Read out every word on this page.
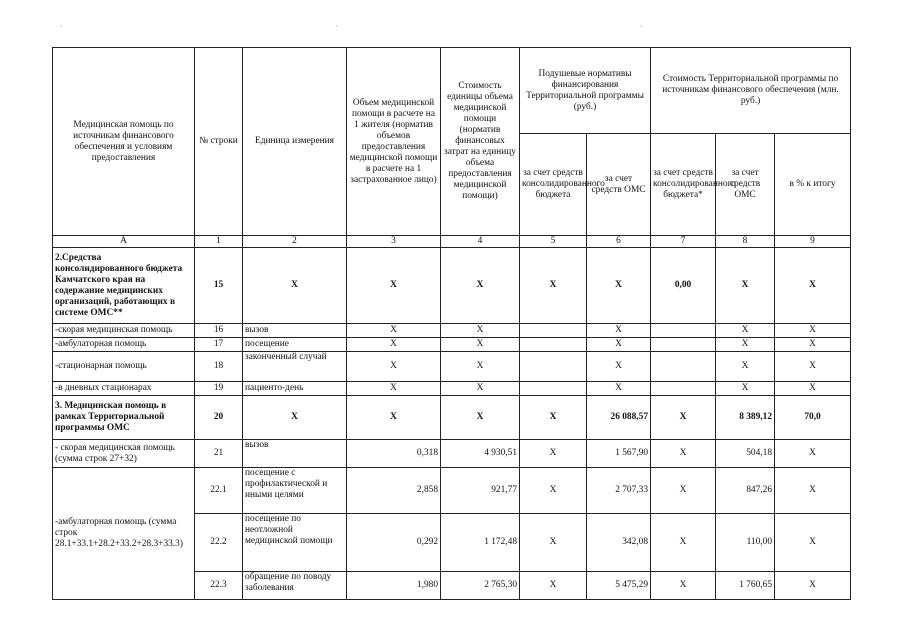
·	·	·
Медицинская помощь по источникам финансового обеспечения и условиям предоставления	№ строки	Единица измерения	Объем медицинской помощи в расчете на 1 жителя (норматив объемов предоставления медицинской помощи в расчете на 1 застрахованное лицо)	Стоимость единицы объема медицинской помощи (норматив финансовых затрат на единицу объема предоставления медицинской помощи)	Подушевые нормативы финансирования Территориальной программы (руб.)		Стоимость Территориальной программы по источникам финансового обеспечения (млн. руб.)		
					за счет средств консолидированного бюджета	за счет средств ОМС	за счет средств консолидированного бюджета*	за счет средств ОМС	в % к итогу
А	1	2	3	4	5	6	7	8	9
2.Средства консолидированного бюджета Камчатского края на содержание медицинских организаций, работающих в системе ОМС**	15	Х	Х	Х	Х	Х	0,00	Х	Х
-скорая медицинская помощь	16	вызов	Х	Х		Х		Х	Х
-амбулаторная помощь	17	посещение	Х	Х		Х		Х	Х
-стационарная помощь	18	законченный случай	Х	Х		Х		Х	Х
-в дневных стационарах	19	пациенто-день	Х	Х		Х		Х	Х
3. Медицинская помощь в рамках Территориальной программы ОМС	20	Х	Х	Х	Х	26 088,57	Х	8 389,12	70,0
- скорая медицинская помощь (сумма строк 27+32)	21	вызов	0,318	4 930,51	Х	1 567,90	Х	504,18	Х
-амбулаторная помощь (сумма строк 28.1+33.1+28.2+33.2+28.3+33.3)	22.1	посещение с профилактической и иными целями	2,858	921,77	Х	2 707,33	Х	847,26	Х
	22.2	посещение по неотложной медицинской помощи	0,292	1 172,48	Х	342,08	Х	110,00	Х
	22.3	обращение по поводу заболевания	1,980	2 765,30	Х	5 475,29	Х	1 760,65	Х
